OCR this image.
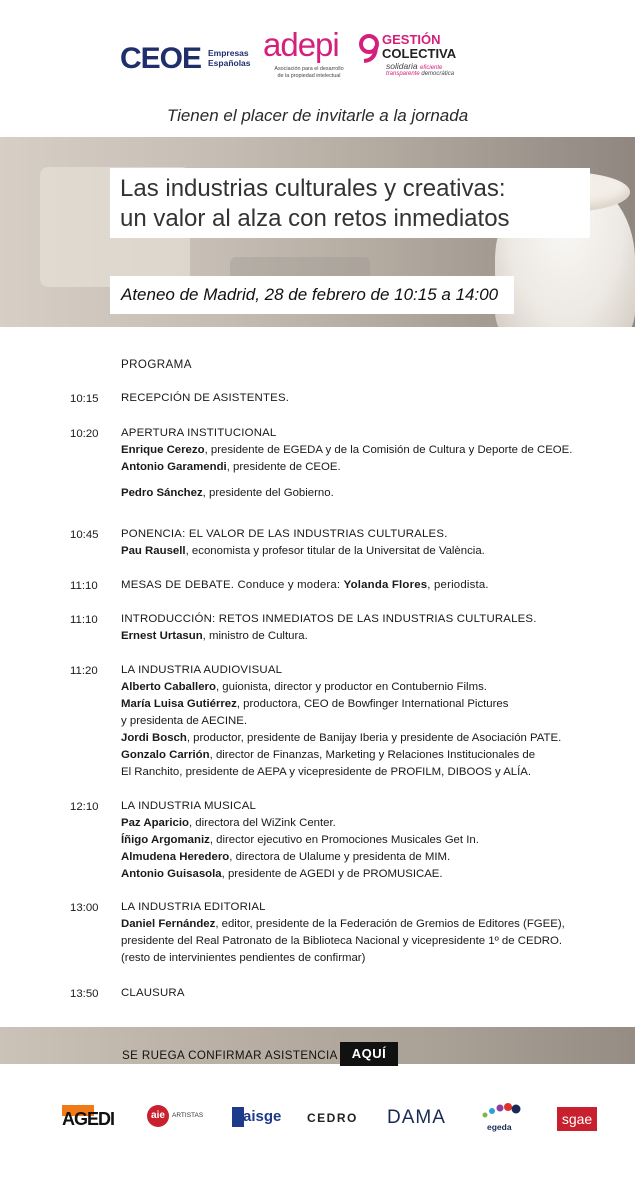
CEOE Empresas
Españolas adepi
Asociación para el desarrollo
de la propiedad intelectual
GESTIÓN
COLECTIVA
solidaria eficiente
transparente democrática
Tienen el placer de invitarle a la jornada
Las industrias culturales y creativas:
un valor al alza con retos inmediatos
Ateneo de Madrid, 28 de febrero de 10:15 a 14:00
PROGRAMA
10:15 RECEPCIÓN DE ASISTENTES.
10:20 APERTURA INSTITUCIONAL
Enrique Cerezo, presidente de EGEDA y de la Comisión de Cultura y Deporte de CEOE.
Antonio Garamendi, presidente de CEOE.
Pedro Sánchez, presidente del Gobierno.
10:45 PONENCIA: EL VALOR DE LAS INDUSTRIAS CULTURALES.
Pau Rausell, economista y profesor titular de la Universitat de València.
11:10 MESAS DE DEBATE. Conduce y modera: Yolanda Flores, periodista.
11:10 INTRODUCCIÓN: RETOS INMEDIATOS DE LAS INDUSTRIAS CULTURALES.
Ernest Urtasun, ministro de Cultura.
11:20 LA INDUSTRIA AUDIOVISUAL
Alberto Caballero, guionista, director y productor en Contubernio Films.
María Luisa Gutiérrez, productora, CEO de Bowfinger International Pictures
y presidenta de AECINE.
Jordi Bosch, productor, presidente de Banijay Iberia y presidente de Asociación PATE.
Gonzalo Carrión, director de Finanzas, Marketing y Relaciones Institucionales de
El Ranchito, presidente de AEPA y vicepresidente de PROFILM, DIBOOS y ALÍA.
12:10 LA INDUSTRIA MUSICAL
Paz Aparicio, directora del WiZink Center.
Íñigo Argomaniz, director ejecutivo en Promociones Musicales Get In.
Almudena Heredero, directora de Ulalume y presidenta de MIM.
Antonio Guisasola, presidente de AGEDI y de PROMUSICAE.
13:00 LA INDUSTRIA EDITORIAL
Daniel Fernández, editor, presidente de la Federación de Gremios de Editores (FGEE),
presidente del Real Patronato de la Biblioteca Nacional y vicepresidente 1º de CEDRO.
(resto de intervinientes pendientes de confirmar)
13:50 CLAUSURA
SE RUEGA CONFIRMAR ASISTENCIA	AQUÍ
AGEDI	aie	ARTISTAS	aisge CEDRO DAMA	egeda	sgae
